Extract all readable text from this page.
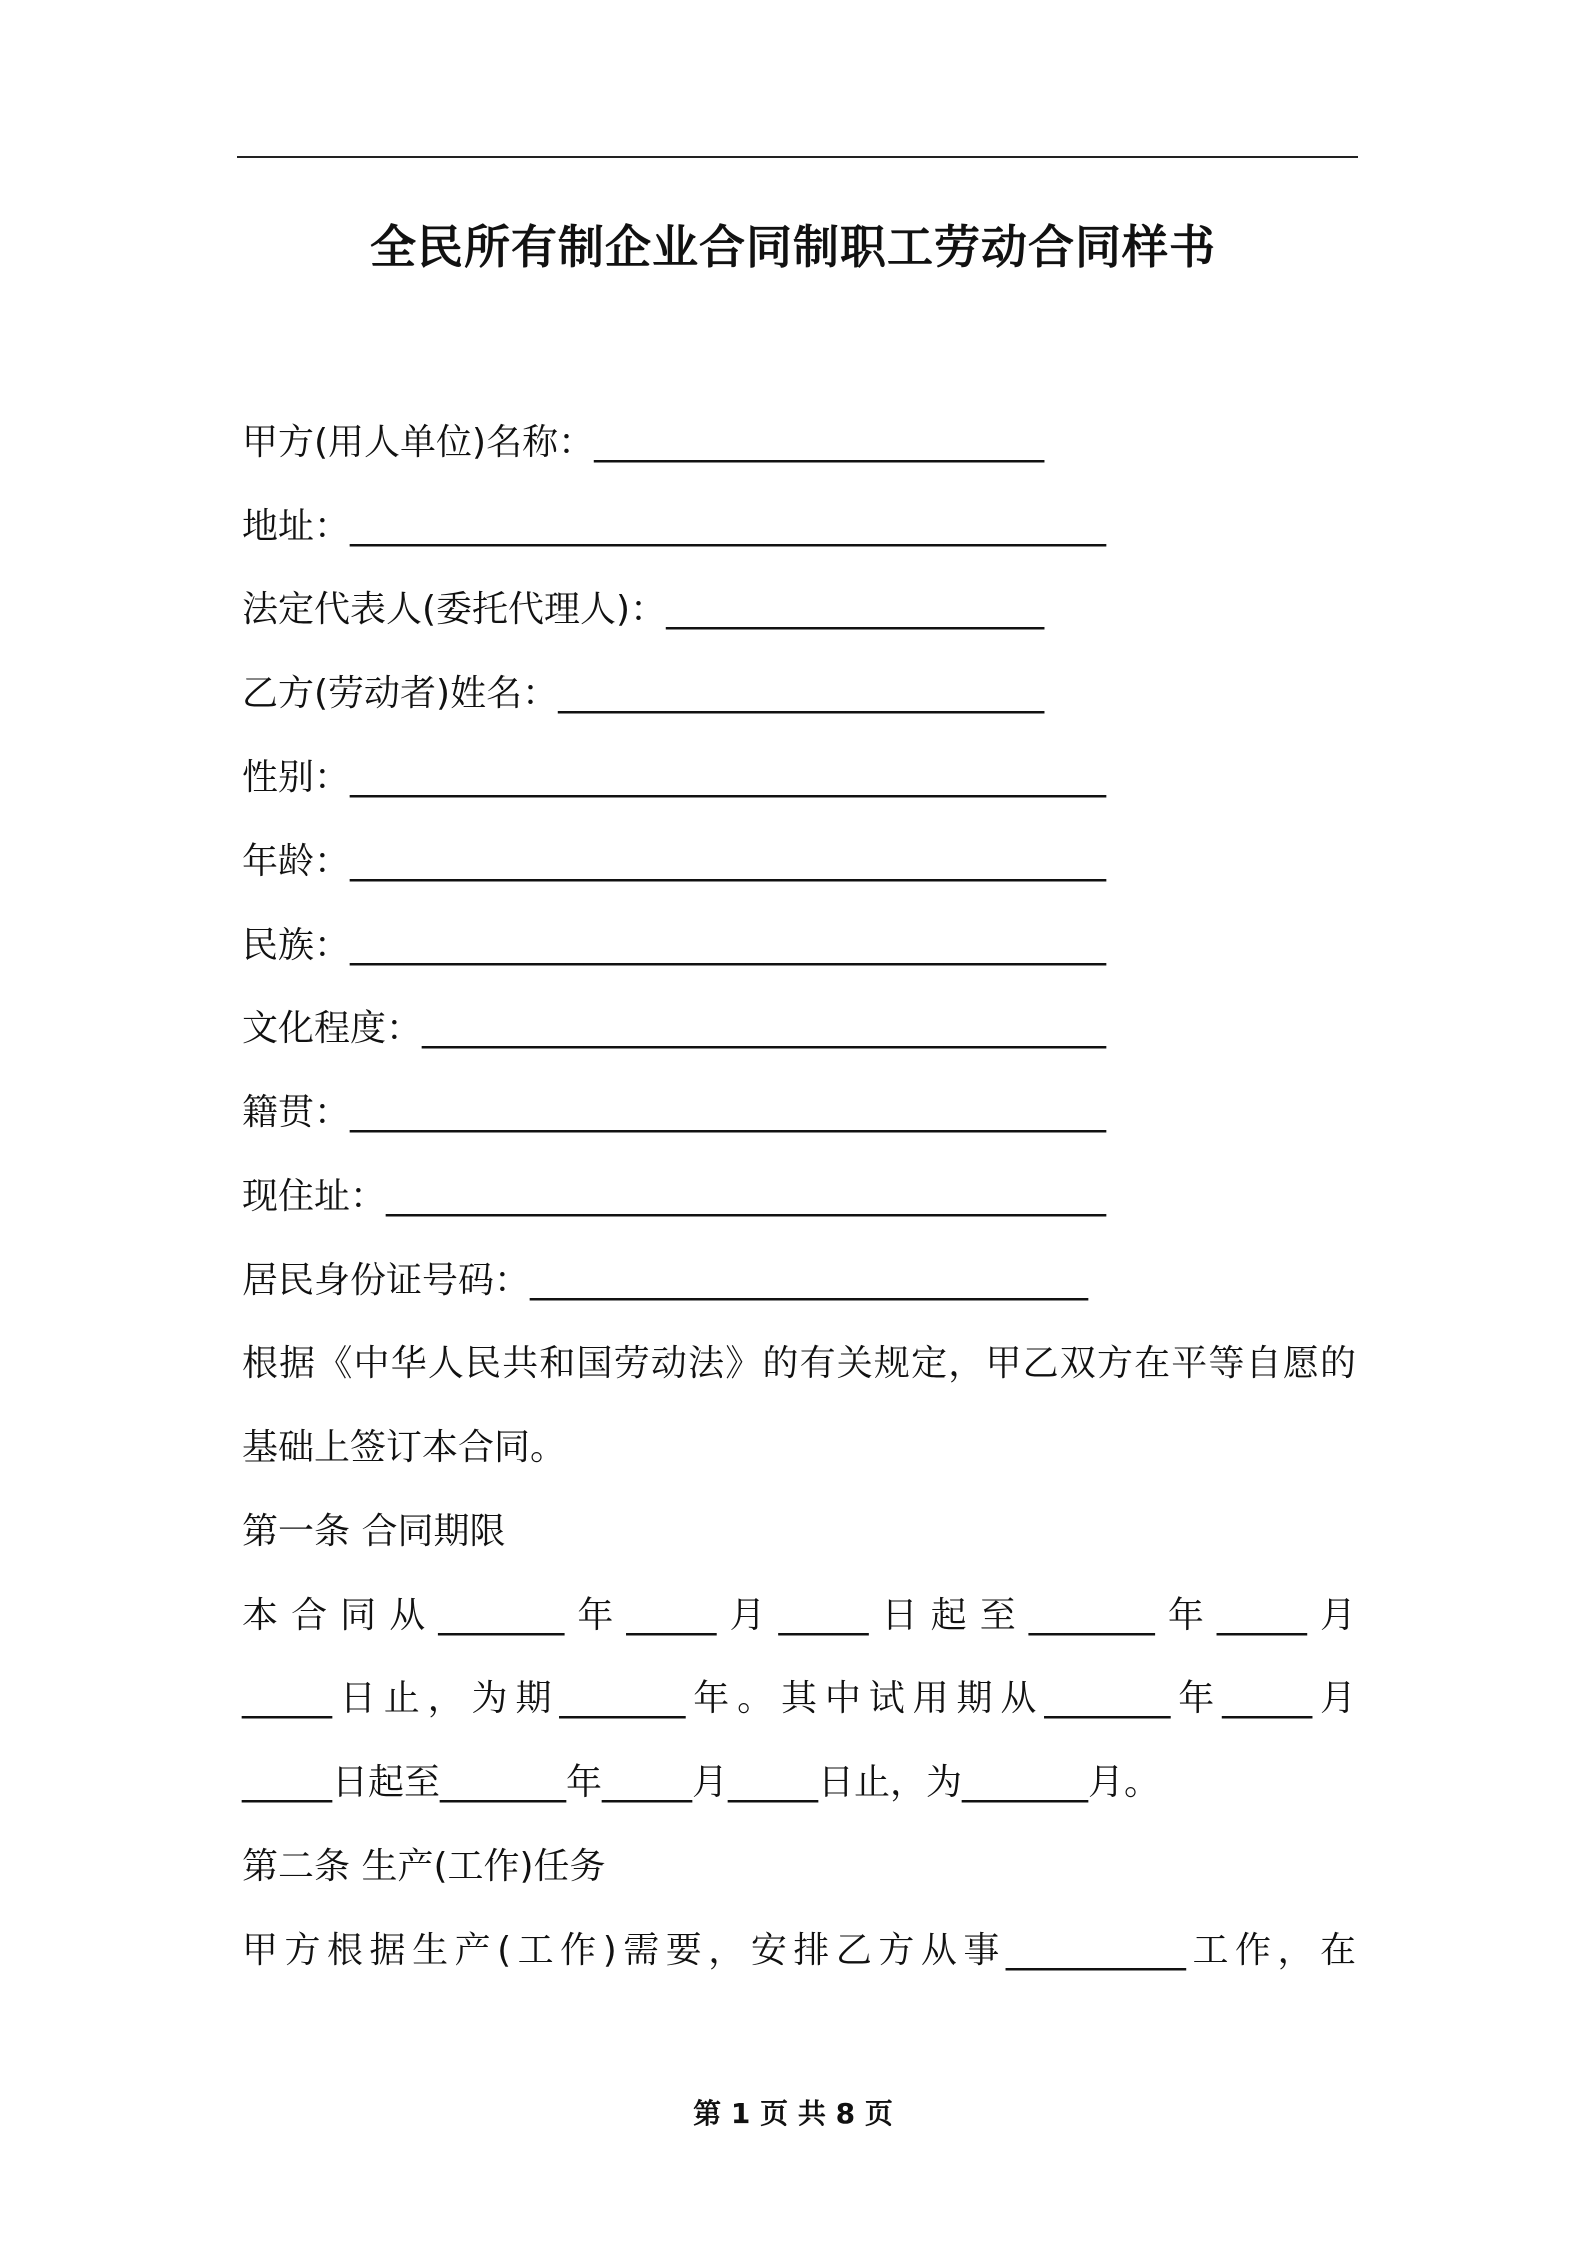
全民所有制企业合同制职工劳动合同样书
甲方(用人单位)名称：_________________________
地址：__________________________________________
法定代表人(委托代理人)：_____________________
乙方(劳动者)姓名：___________________________
性别：__________________________________________
年龄：__________________________________________
民族：__________________________________________
文化程度：______________________________________
籍贯：__________________________________________
现住址：________________________________________
居民身份证号码：_______________________________
根据《中华人民共和国劳动法》的有关规定，甲乙双方在平等自愿的
基础上签订本合同。
第一条 合同期限
本合同从_______年_____月_____日起至_______年_____月
_____日止，为期_______年。其中试用期从_______年_____月
_____日起至_______年_____月_____日止，为_______月。
第二条 生产(工作)任务
甲方根据生产(工作)需要，安排乙方从事__________工作，在
第 1 页 共 8 页
